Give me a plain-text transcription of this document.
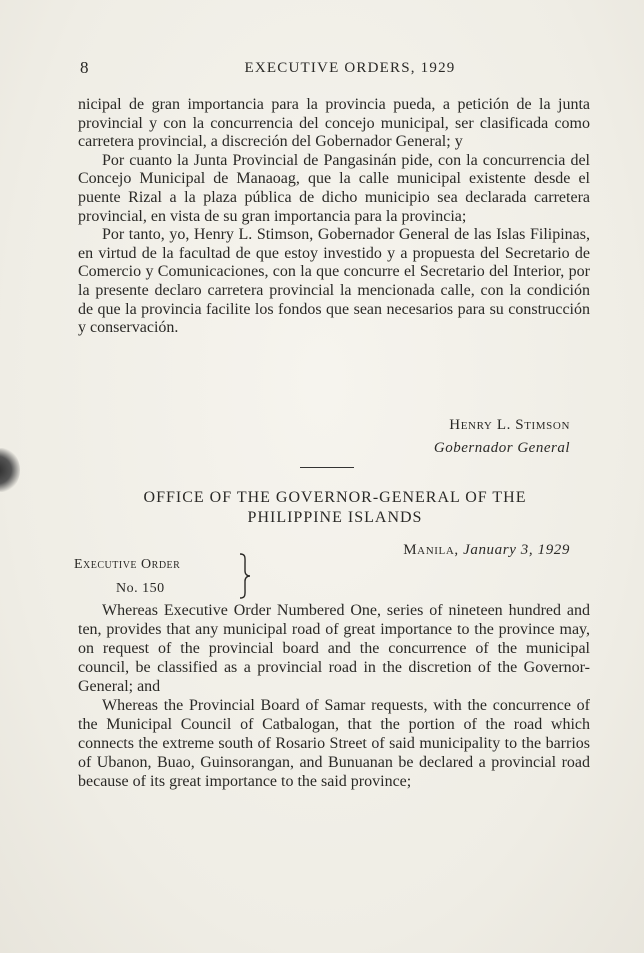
8	EXECUTIVE ORDERS, 1929

nicipal de gran importancia para la provincia pueda, a petición de la junta provincial y con la concurrencia del concejo municipal, ser clasificada como carretera provincial, a discreción del Gobernador General; y

Por cuanto la Junta Provincial de Pangasinán pide, con la concurrencia del Concejo Municipal de Manaoag, que la calle municipal existente desde el puente Rizal a la plaza pública de dicho municipio sea declarada carretera provincial, en vista de su gran importancia para la provincia;

Por tanto, yo, Henry L. Stimson, Gobernador General de las Islas Filipinas, en virtud de la facultad de que estoy investido y a propuesta del Secretario de Comercio y Comunicaciones, con la que concurre el Secretario del Interior, por la presente declaro carretera provincial la mencionada calle, con la condición de que la provincia facilite los fondos que sean necesarios para su construcción y conservación.

Henry L. Stimson
Gobernador General
OFFICE OF THE GOVERNOR-GENERAL OF THE
PHILIPPINE ISLANDS
Manila, January 3, 1929
Executive Order
No. 150

Whereas Executive Order Numbered One, series of nineteen hundred and ten, provides that any municipal road of great importance to the province may, on request of the provincial board and the concurrence of the municipal council, be classified as a provincial road in the discretion of the Governor-General; and

Whereas the Provincial Board of Samar requests, with the concurrence of the Municipal Council of Catbalogan, that the portion of the road which connects the extreme south of Rosario Street of said municipality to the barrios of Ubanon, Buao, Guinsorangan, and Bunuanan be declared a provincial road because of its great importance to the said province;
